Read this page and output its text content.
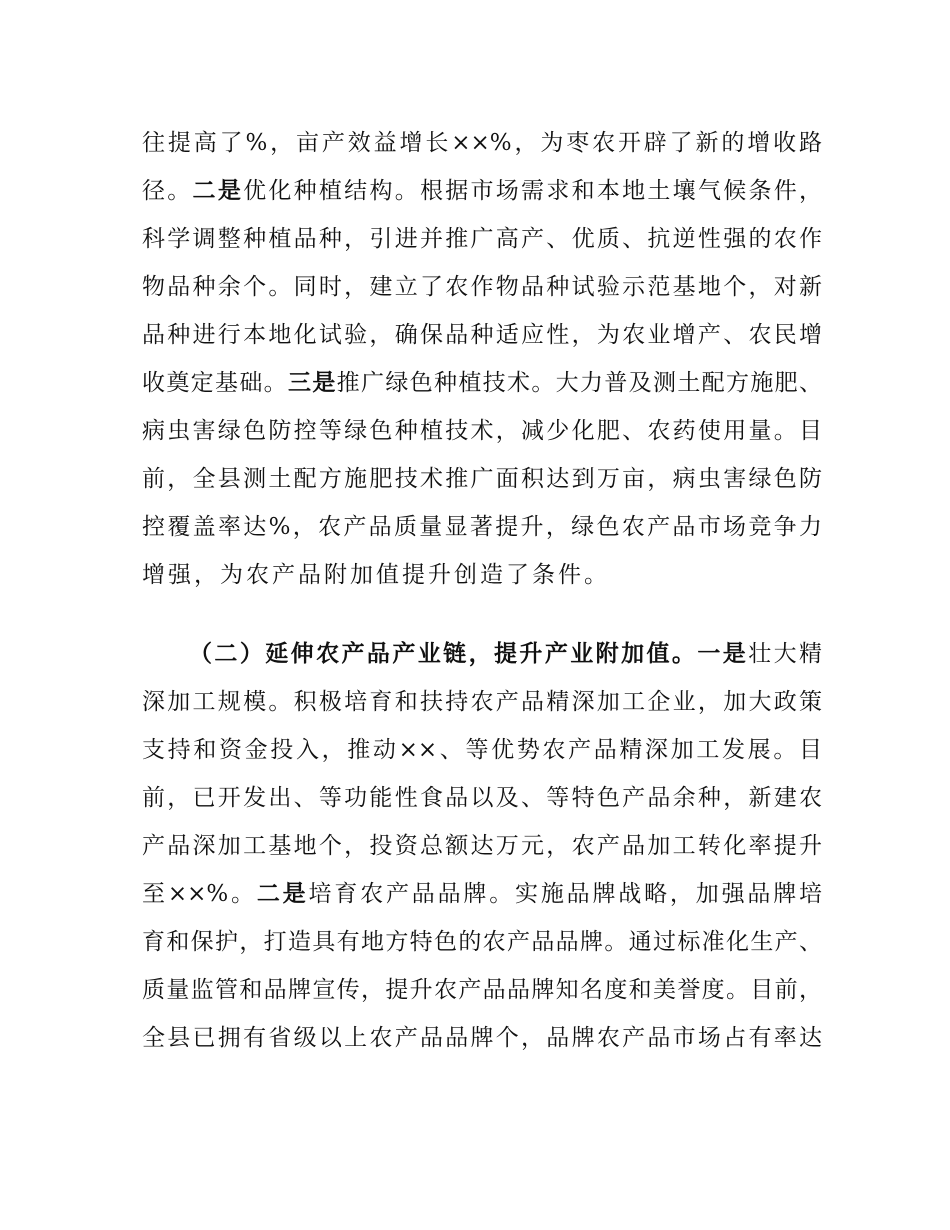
往提高了%，亩产效益增长××%，为枣农开辟了新的增收路

径。二是优化种植结构。根据市场需求和本地土壤气候条件，

科学调整种植品种，引进并推广高产、优质、抗逆性强的农作

物品种余个。同时，建立了农作物品种试验示范基地个，对新

品种进行本地化试验，确保品种适应性，为农业增产、农民增

收奠定基础。三是推广绿色种植技术。大力普及测土配方施肥、

病虫害绿色防控等绿色种植技术，减少化肥、农药使用量。目

前，全县测土配方施肥技术推广面积达到万亩，病虫害绿色防

控覆盖率达%，农产品质量显著提升，绿色农产品市场竞争力

增强，为农产品附加值提升创造了条件。

（二）延伸农产品产业链，提升产业附加值。一是壮大精

深加工规模。积极培育和扶持农产品精深加工企业，加大政策

支持和资金投入，推动××、等优势农产品精深加工发展。目

前，已开发出、等功能性食品以及、等特色产品余种，新建农

产品深加工基地个，投资总额达万元，农产品加工转化率提升

至××%。二是培育农产品品牌。实施品牌战略，加强品牌培

育和保护，打造具有地方特色的农产品品牌。通过标准化生产、

质量监管和品牌宣传，提升农产品品牌知名度和美誉度。目前，

全县已拥有省级以上农产品品牌个，品牌农产品市场占有率达
